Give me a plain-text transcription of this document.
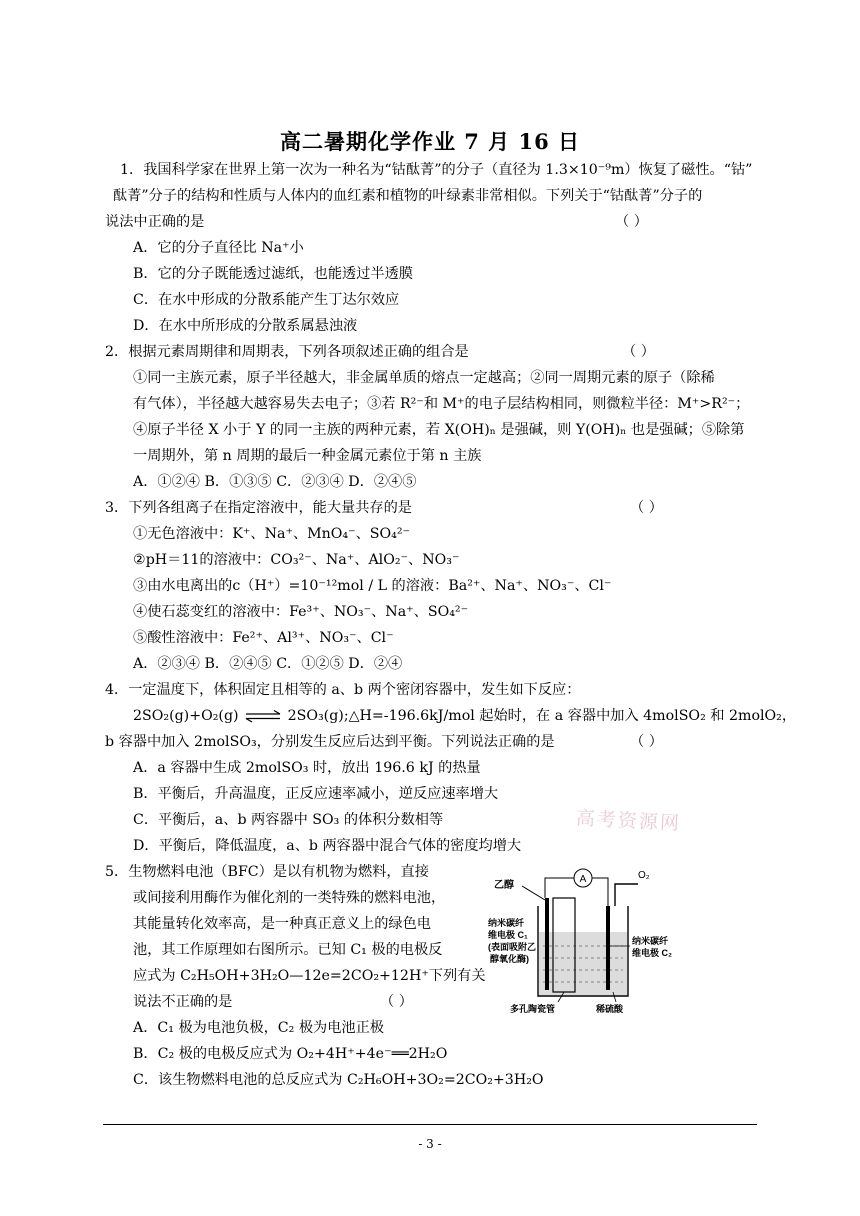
高二暑期化学作业 7 月 16 日
1．我国科学家在世界上第一次为一种名为“钴酞菁”的分子（直径为 1.3×10⁻⁹m）恢复了磁性。“钴”
酞菁”分子的结构和性质与人体内的血红素和植物的叶绿素非常相似。下列关于“钴酞菁”分子的
说法中正确的是	（ ）
A．它的分子直径比 Na⁺小
B．它的分子既能透过滤纸，也能透过半透膜
C．在水中形成的分散系能产生丁达尔效应
D．在水中所形成的分散系属悬浊液
2．根据元素周期律和周期表，下列各项叙述正确的组合是	（ ）
①同一主族元素，原子半径越大，非金属单质的熔点一定越高；②同一周期元素的原子（除稀
有气体），半径越大越容易失去电子；③若 R²⁻和 M⁺的电子层结构相同，则微粒半径：M⁺>R²⁻；
④原子半径 X 小于 Y 的同一主族的两种元素，若 X(OH)ₙ 是强碱，则 Y(OH)ₙ 也是强碱；⑤除第
一周期外，第 n 周期的最后一种金属元素位于第 n 主族
A．①②④ B．①③⑤ C．②③④ D．②④⑤
3．下列各组离子在指定溶液中，能大量共存的是	（ ）
①无色溶液中：K⁺、Na⁺、MnO₄⁻、SO₄²⁻
②pH＝11的溶液中：CO₃²⁻、Na⁺、AlO₂⁻、NO₃⁻
③由水电离出的c（H⁺）=10⁻¹²mol / L 的溶液：Ba²⁺、Na⁺、NO₃⁻、Cl⁻
④使石蕊变红的溶液中：Fe³⁺、NO₃⁻、Na⁺、SO₄²⁻
⑤酸性溶液中：Fe²⁺、Al³⁺、NO₃⁻、Cl⁻
A．②③④ B．②④⑤ C．①②⑤ D．②④
4．一定温度下，体积固定且相等的 a、b 两个密闭容器中，发生如下反应：
2SO₂(g)+O₂(g) ⇌ 2SO₃(g);△H=-196.6kJ/mol 起始时，在 a 容器中加入 4molSO₂ 和 2molO₂，
b 容器中加入 2molSO₃，分别发生反应后达到平衡。下列说法正确的是	（ ）
A．a 容器中生成 2molSO₃ 时，放出 196.6 kJ 的热量
B．平衡后，升高温度，正反应速率减小，逆反应速率增大
C．平衡后，a、b 两容器中 SO₃ 的体积分数相等
D．平衡后，降低温度，a、b 两容器中混合气体的密度均增大
高考资源网
5．生物燃料电池（BFC）是以有机物为燃料，直接
或间接利用酶作为催化剂的一类特殊的燃料电池，
其能量转化效率高，是一种真正意义上的绿色电
池，其工作原理如右图所示。已知 C₁ 极的电极反
应式为 C₂H₅OH+3H₂O—12e=2CO₂+12H⁺下列有关
说法不正确的是	（ ）
A．C₁ 极为电池负极，C₂ 极为电池正极
B．C₂ 极的电极反应式为 O₂+4H⁺+4e⁻══2H₂O
C．该生物燃料电池的总反应式为 C₂H₆OH+3O₂=2CO₂+3H₂O
A
乙醇
O₂
纳米碳纤
维电极 C₁
(表面吸附乙
醇氧化酶)
纳米碳纤
维电极 C₂
多孔陶瓷管	稀硫酸
- 3 -
